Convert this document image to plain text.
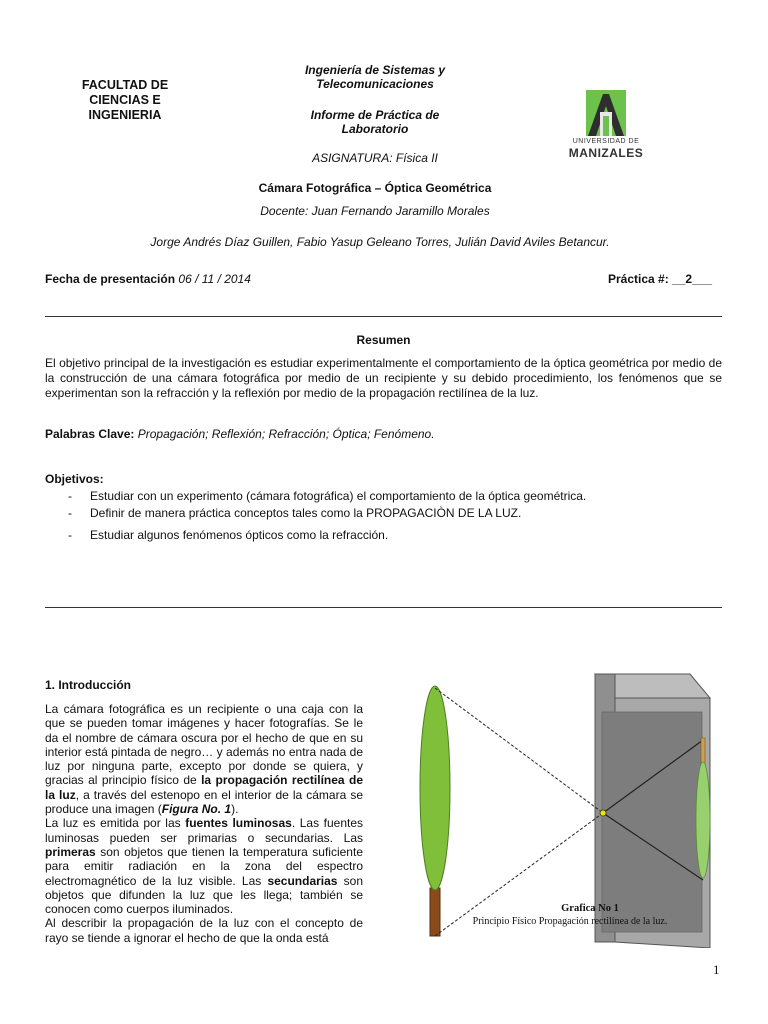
FACULTAD DE CIENCIAS E INGENIERIA
Ingeniería de Sistemas y
Telecomunicaciones
Informe de Práctica de
Laboratorio
ASIGNATURA: Física II
UNIVERSIDAD DE
MANIZALES
Cámara Fotográfica – Óptica Geométrica
Docente: Juan Fernando Jaramillo Morales
Jorge Andrés Díaz Guillen, Fabio Yasup Geleano Torres, Julián David Aviles Betancur.
Fecha de presentación 06 / 11 / 2014	Práctica #: __2___
Resumen
El objetivo principal de la investigación es estudiar experimentalmente el comportamiento de la óptica geométrica por medio de la construcción de una cámara fotográfica por medio de un recipiente y su debido procedimiento, los fenómenos que se experimentan son la refracción y la reflexión por medio de la propagación rectilínea de la luz.
Palabras Clave: Propagación; Reflexión; Refracción; Óptica; Fenómeno.
Objetivos:
- Estudiar con un experimento (cámara fotográfica) el comportamiento de la óptica geométrica.
- Definir de manera práctica conceptos tales como la PROPAGACIÒN DE LA LUZ.
- Estudiar algunos fenómenos ópticos como la refracción.
1. Introducción

La cámara fotográfica es un recipiente o una caja con la que se pueden tomar imágenes y hacer fotografías. Se le da el nombre de cámara oscura por el hecho de que en su interior está pintada de negro… y además no entra nada de luz por ninguna parte, excepto por donde se quiera, y gracias al principio físico de la propagación rectilínea de la luz, a través del estenopo en el interior de la cámara se produce una imagen (Figura No. 1).

La luz es emitida por las fuentes luminosas. Las fuentes luminosas pueden ser primarias o secundarias. Las primeras son objetos que tienen la temperatura suficiente para emitir radiación en la zona del espectro electromagnético de la luz visible. Las secundarias son objetos que difunden la luz que les llega; también se conocen como cuerpos iluminados.

Al describir la propagación de la luz con el concepto de rayo se tiende a ignorar el hecho de que la onda está

Grafica No 1
Principio Físico Propagación rectilínea de la luz.
1
